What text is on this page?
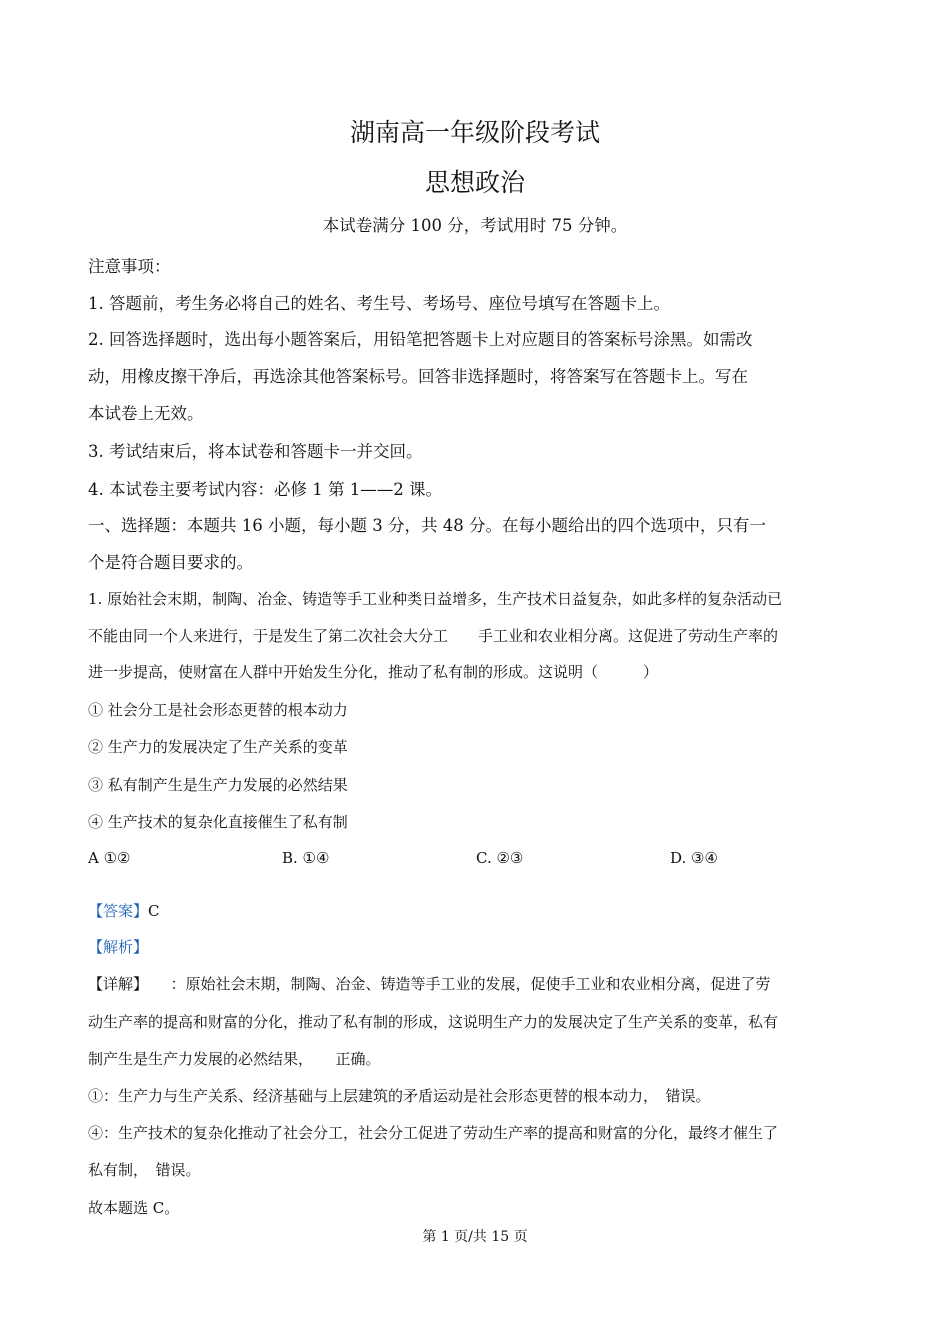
湖南高一年级阶段考试
思想政治
本试卷满分 100 分，考试用时 75 分钟。
注意事项：
1. 答题前，考生务必将自己的姓名、考生号、考场号、座位号填写在答题卡上。
2. 回答选择题时，选出每小题答案后，用铅笔把答题卡上对应题目的答案标号涂黑。如需改
动，用橡皮擦干净后，再选涂其他答案标号。回答非选择题时，将答案写在答题卡上。写在
本试卷上无效。
3. 考试结束后，将本试卷和答题卡一并交回。
4. 本试卷主要考试内容：必修 1 第 1——2 课。
一、选择题：本题共 16 小题，每小题 3 分，共 48 分。在每小题给出的四个选项中，只有一
个是符合题目要求的。
1. 原始社会末期，制陶、冶金、铸造等手工业种类日益增多，生产技术日益复杂，如此多样的复杂活动已
不能由同一个人来进行，于是发生了第二次社会大分工　　手工业和农业相分离。这促进了劳动生产率的
进一步提高，使财富在人群中开始发生分化，推动了私有制的形成。这说明（　　　）
① 社会分工是社会形态更替的根本动力
② 生产力的发展决定了生产关系的变革
③ 私有制产生是生产力发展的必然结果
④ 生产技术的复杂化直接催生了私有制
A ①②	B. ①④	C. ②③	D. ③④
【答案】C
【解析】
【详解】　　：原始社会末期，制陶、冶金、铸造等手工业的发展，促使手工业和农业相分离，促进了劳
动生产率的提高和财富的分化，推动了私有制的形成，这说明生产力的发展决定了生产关系的变革，私有
制产生是生产力发展的必然结果，　　正确。
①：生产力与生产关系、经济基础与上层建筑的矛盾运动是社会形态更替的根本动力，　错误。
④：生产技术的复杂化推动了社会分工，社会分工促进了劳动生产率的提高和财富的分化，最终才催生了
私有制，　错误。
故本题选 C。
第 1 页/共 15 页
